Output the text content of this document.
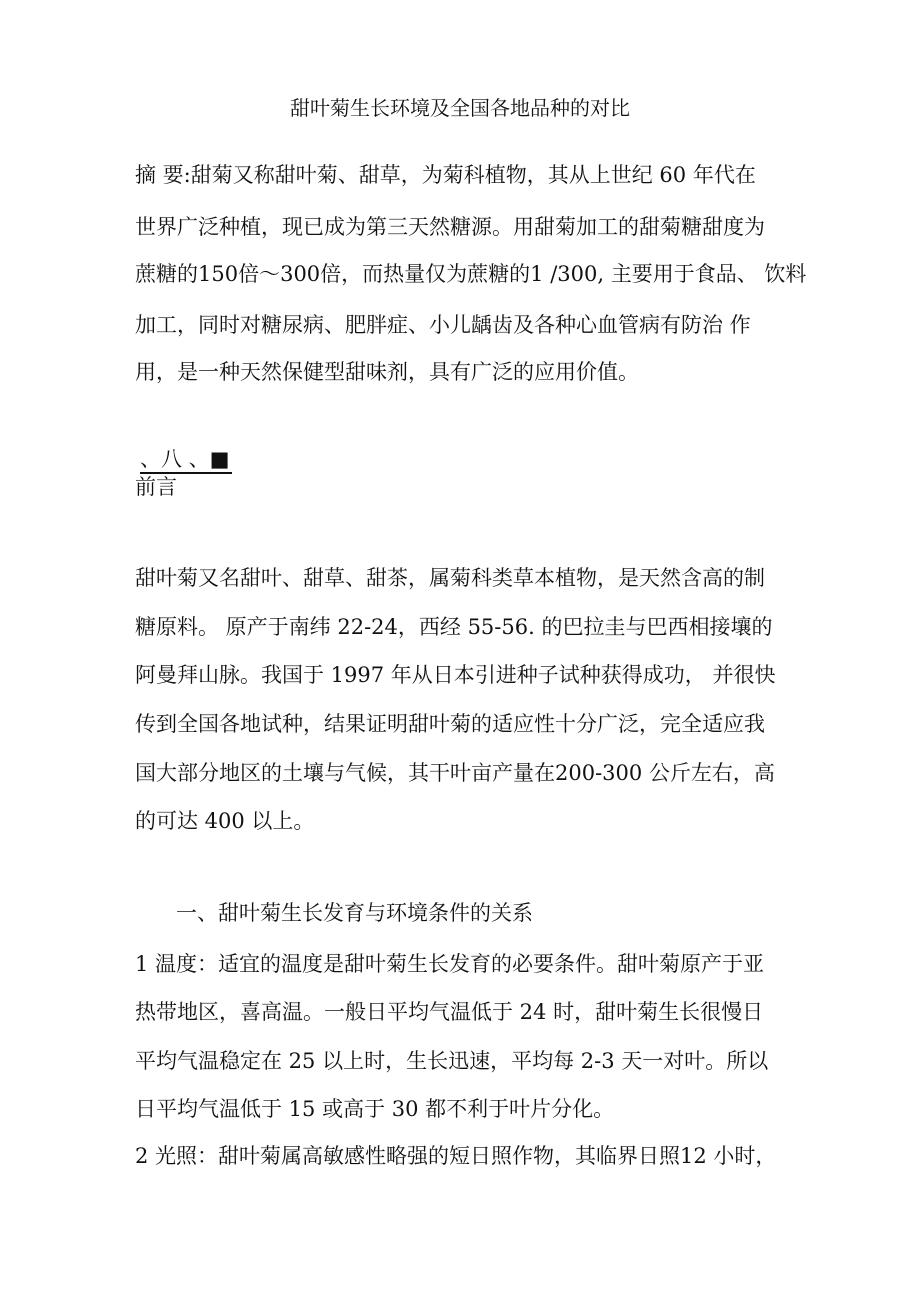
甜叶菊生长环境及全国各地品种的对比
摘 要:甜菊又称甜叶菊、甜草，为菊科植物，其从上世纪 60 年代在
世界广泛种植，现已成为第三天然糖源。用甜菊加工的甜菊糖甜度为
蔗糖的150倍～300倍，而热量仅为蔗糖的1 /300, 主要用于食品、 饮料
加工，同时对糖尿病、肥胖症、小儿龋齿及各种心血管病有防治 作
用，是一种天然保健型甜味剂，具有广泛的应用价值。
、八 、■
前言
甜叶菊又名甜叶、甜草、甜茶，属菊科类草本植物，是天然含高的制
糖原料。 原产于南纬 22-24，西经 55-56. 的巴拉圭与巴西相接壤的
阿曼拜山脉。我国于 1997 年从日本引进种子试种获得成功， 并很快
传到全国各地试种，结果证明甜叶菊的适应性十分广泛，完全适应我
国大部分地区的土壤与气候，其干叶亩产量在200-300 公斤左右，高
的可达 400 以上。
一、甜叶菊生长发育与环境条件的关系
1 温度：适宜的温度是甜叶菊生长发育的必要条件。甜叶菊原产于亚
热带地区，喜高温。一般日平均气温低于 24 时，甜叶菊生长很慢日
平均气温稳定在 25 以上时，生长迅速，平均每 2-3 天一对叶。所以
日平均气温低于 15 或高于 30 都不利于叶片分化。
2 光照：甜叶菊属高敏感性略强的短日照作物，其临界日照12 小时，
